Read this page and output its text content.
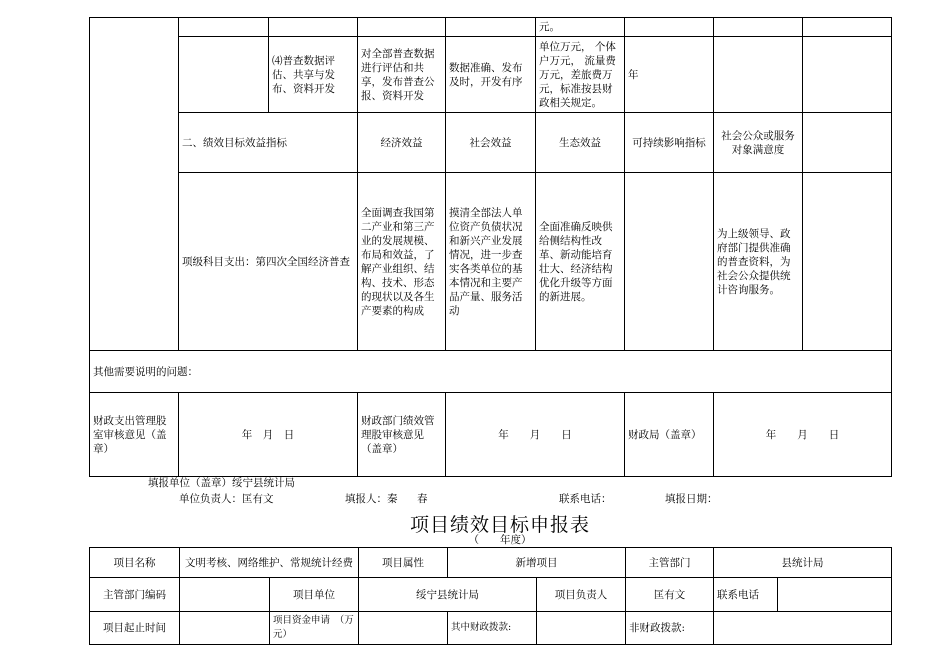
					元。			
		⑷普查数据评估、共享与发布、资料开发	对全部普查数据进行评估和共享，发布普查公报、资料开发	数据准确、发布及时，开发有序	单位万元， 个体户万元， 流量费万元，差旅费万元，标准按县财政相关规定。	年		
	二、绩效目标效益指标		经济效益	社会效益	生态效益	可持续影响指标	社会公众或服务对象满意度	
	项级科目支出：第四次全国经济普查		全面调查我国第二产业和第三产业的发展规模、布局和效益，了解产业组织、结构、技术、形态的现状以及各生产要素的构成	摸清全部法人单位资产负债状况和新兴产业发展情况，进一步查实各类单位的基本情况和主要产品产量、服务活动	全面准确反映供给侧结构性改革、新动能培育壮大、经济结构优化升级等方面的新进展。		为上级领导、政府部门提供准确的普查资料，为社会公众提供统计咨询服务。	
其他需要说明的问题：								
财政支出管理股室审核意见（盖章）	年　月　日		财政部门绩效管理股审核意见（盖章）	年　　月　　日		财政局（盖章）	年　　月　　日	
填报单位（盖章）绥宁县统计局
单位负责人：匡有文	填报人：秦 春	联系电话：	填报日期：
项目绩效目标申报表
（　　年度）
项目名称	文明考核、网络维护、常规统计经费		项目属性	新增项目		主管部门	县统计局	
主管部门编码		项目单位	绥宁县统计局		项目负责人	匡有文	联系电话	
项目起止时间		项目资金申请　（万元）		其中财政拨款:		非财政拨款:		
